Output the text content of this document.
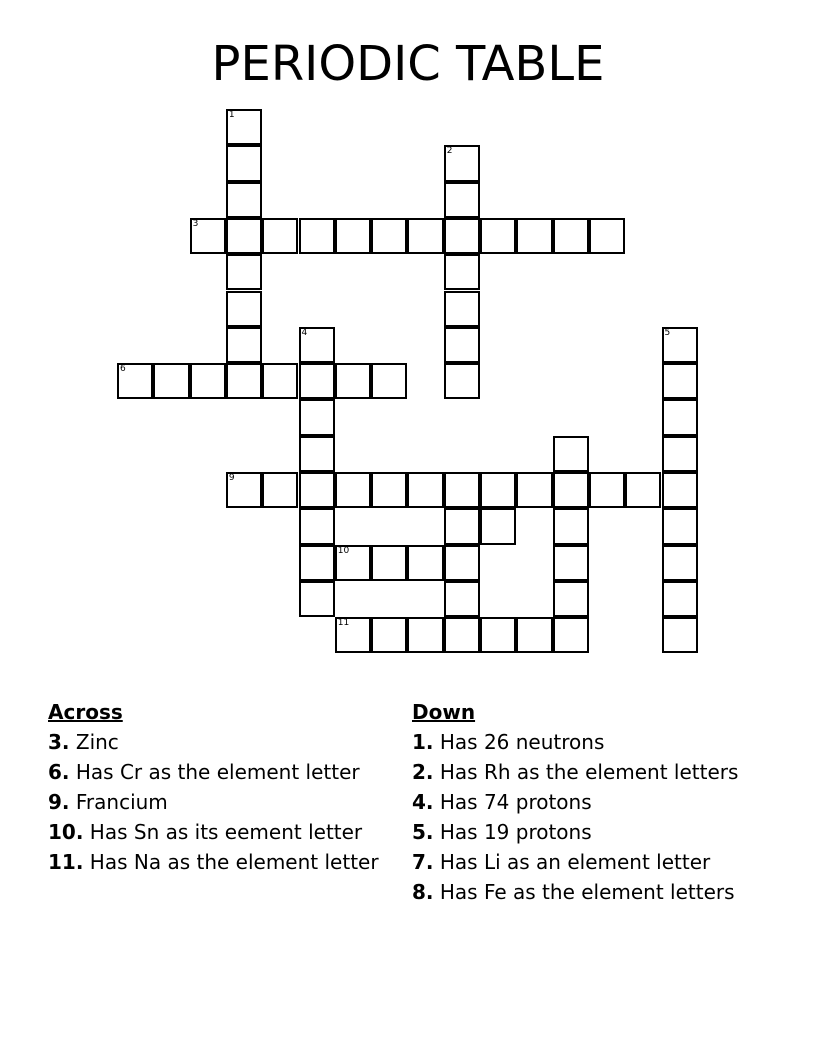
PERIODIC TABLE
1
2
3
4	5
6
9
10
11
Across
3. Zinc
6. Has Cr as the element letter
9. Francium
10. Has Sn as its eement letter
11. Has Na as the element letter
Down
1. Has 26 neutrons
2. Has Rh as the element letters
4. Has 74 protons
5. Has 19 protons
7. Has Li as an element letter
8. Has Fe as the element letters
